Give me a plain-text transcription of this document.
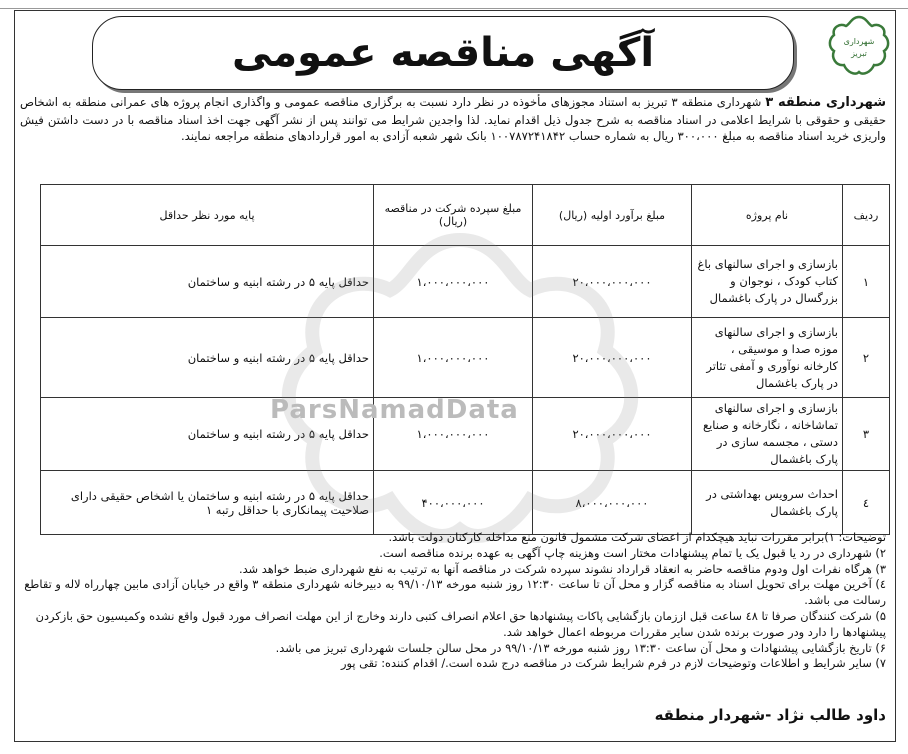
شهرداری
تبریز
آگهی مناقصه عمومی
شهرداری منطقه ۳ شهرداری منطقه ۳ تبریز به استناد مجوزهای مأخوذه در نظر دارد نسبت به برگزاری مناقصه عمومی و واگذاری انجام پروژه های عمرانی منطقه به اشخاص حقیقی و حقوقی با شرایط اعلامی در اسناد مناقصه به شرح جدول ذیل اقدام نماید. لذا واجدین شرایط می توانند پس از نشر آگهی جهت اخذ اسناد مناقصه با در دست داشتن فیش واریزی خرید اسناد مناقصه به مبلغ ۳۰۰،۰۰۰ ریال به شماره حساب ۱۰۰۷۸۷۲۴۱۸۴۲ بانک شهر شعبه آزادی به امور قراردادهای منطقه مراجعه نمایند.
ردیف	نام پروژه	مبلغ برآورد اولیه (ریال)	مبلغ سپرده شرکت در مناقصه (ریال)	پایه مورد نظر حداقل
۱	بازسازی و اجرای سالنهای باغ کتاب کودک ، نوجوان و بزرگسال در پارک باغشمال	۲۰،۰۰۰،۰۰۰،۰۰۰	۱،۰۰۰،۰۰۰،۰۰۰	حداقل پایه ۵ در رشته ابنیه و ساختمان
۲	بازسازی و اجرای سالنهای موزه صدا و موسیقی ، کارخانه نوآوری و آمفی تئاتر در پارک باغشمال	۲۰،۰۰۰،۰۰۰،۰۰۰	۱،۰۰۰،۰۰۰،۰۰۰	حداقل پایه ۵ در رشته ابنیه و ساختمان
۳	بازسازی و اجرای سالنهای تماشاخانه ، نگارخانه و صنایع دستی ، مجسمه سازی در پارک باغشمال	۲۰،۰۰۰،۰۰۰،۰۰۰	۱،۰۰۰،۰۰۰،۰۰۰	حداقل پایه ۵ در رشته ابنیه و ساختمان
٤	احداث سرویس بهداشتی در پارک باغشمال	۸،۰۰۰،۰۰۰،۰۰۰	۴۰۰،۰۰۰،۰۰۰	حداقل پایه ۵ در رشته ابنیه و ساختمان یا اشخاص حقیقی دارای صلاحیت پیمانکاری با حداقل رتبه ۱
ParsNamadData
توضیحات: ۱)برابر مقررات نباید هیچکدام از اعضای شرکت مشمول قانون منع مداخله کارکنان دولت باشد.
۲) شهرداری در رد یا قبول یک یا تمام پیشنهادات مختار است وهزینه چاپ آگهی به عهده برنده مناقصه است.
۳) هرگاه نفرات اول ودوم مناقصه حاضر به انعقاد قرارداد نشوند سپرده شرکت در مناقصه آنها به ترتیب به نفع شهرداری ضبط خواهد شد.
٤) آخرین مهلت برای تحویل اسناد به مناقصه گزار و محل آن تا ساعت ۱۲:۳۰ روز شنبه مورخه ۹۹/۱۰/۱۳ به دبیرخانه شهرداری منطقه ۳ واقع در خیابان آزادی مابین چهارراه لاله و تقاطع رسالت می باشد.
۵) شرکت کنندگان صرفا تا ٤٨ ساعت قبل اززمان بازگشایی پاکات پیشنهادها حق اعلام انصراف کتبی دارند وخارج از این مهلت انصراف مورد قبول واقع نشده وکمیسیون حق بازکردن پیشنهادها را دارد ودر صورت برنده شدن سایر مقررات مربوطه اعمال خواهد شد.
۶) تاریخ بازگشایی پیشنهادات و محل آن ساعت ۱۳:۳۰ روز شنبه مورخه ۹۹/۱۰/۱۳ در محل سالن جلسات شهرداری تبریز می باشد.
۷) سایر شرایط و اطلاعات وتوضیحات لازم در فرم شرایط شرکت در مناقصه درج شده است./ اقدام کننده: تقی پور
داود طالب نژاد -شهردار منطقه
